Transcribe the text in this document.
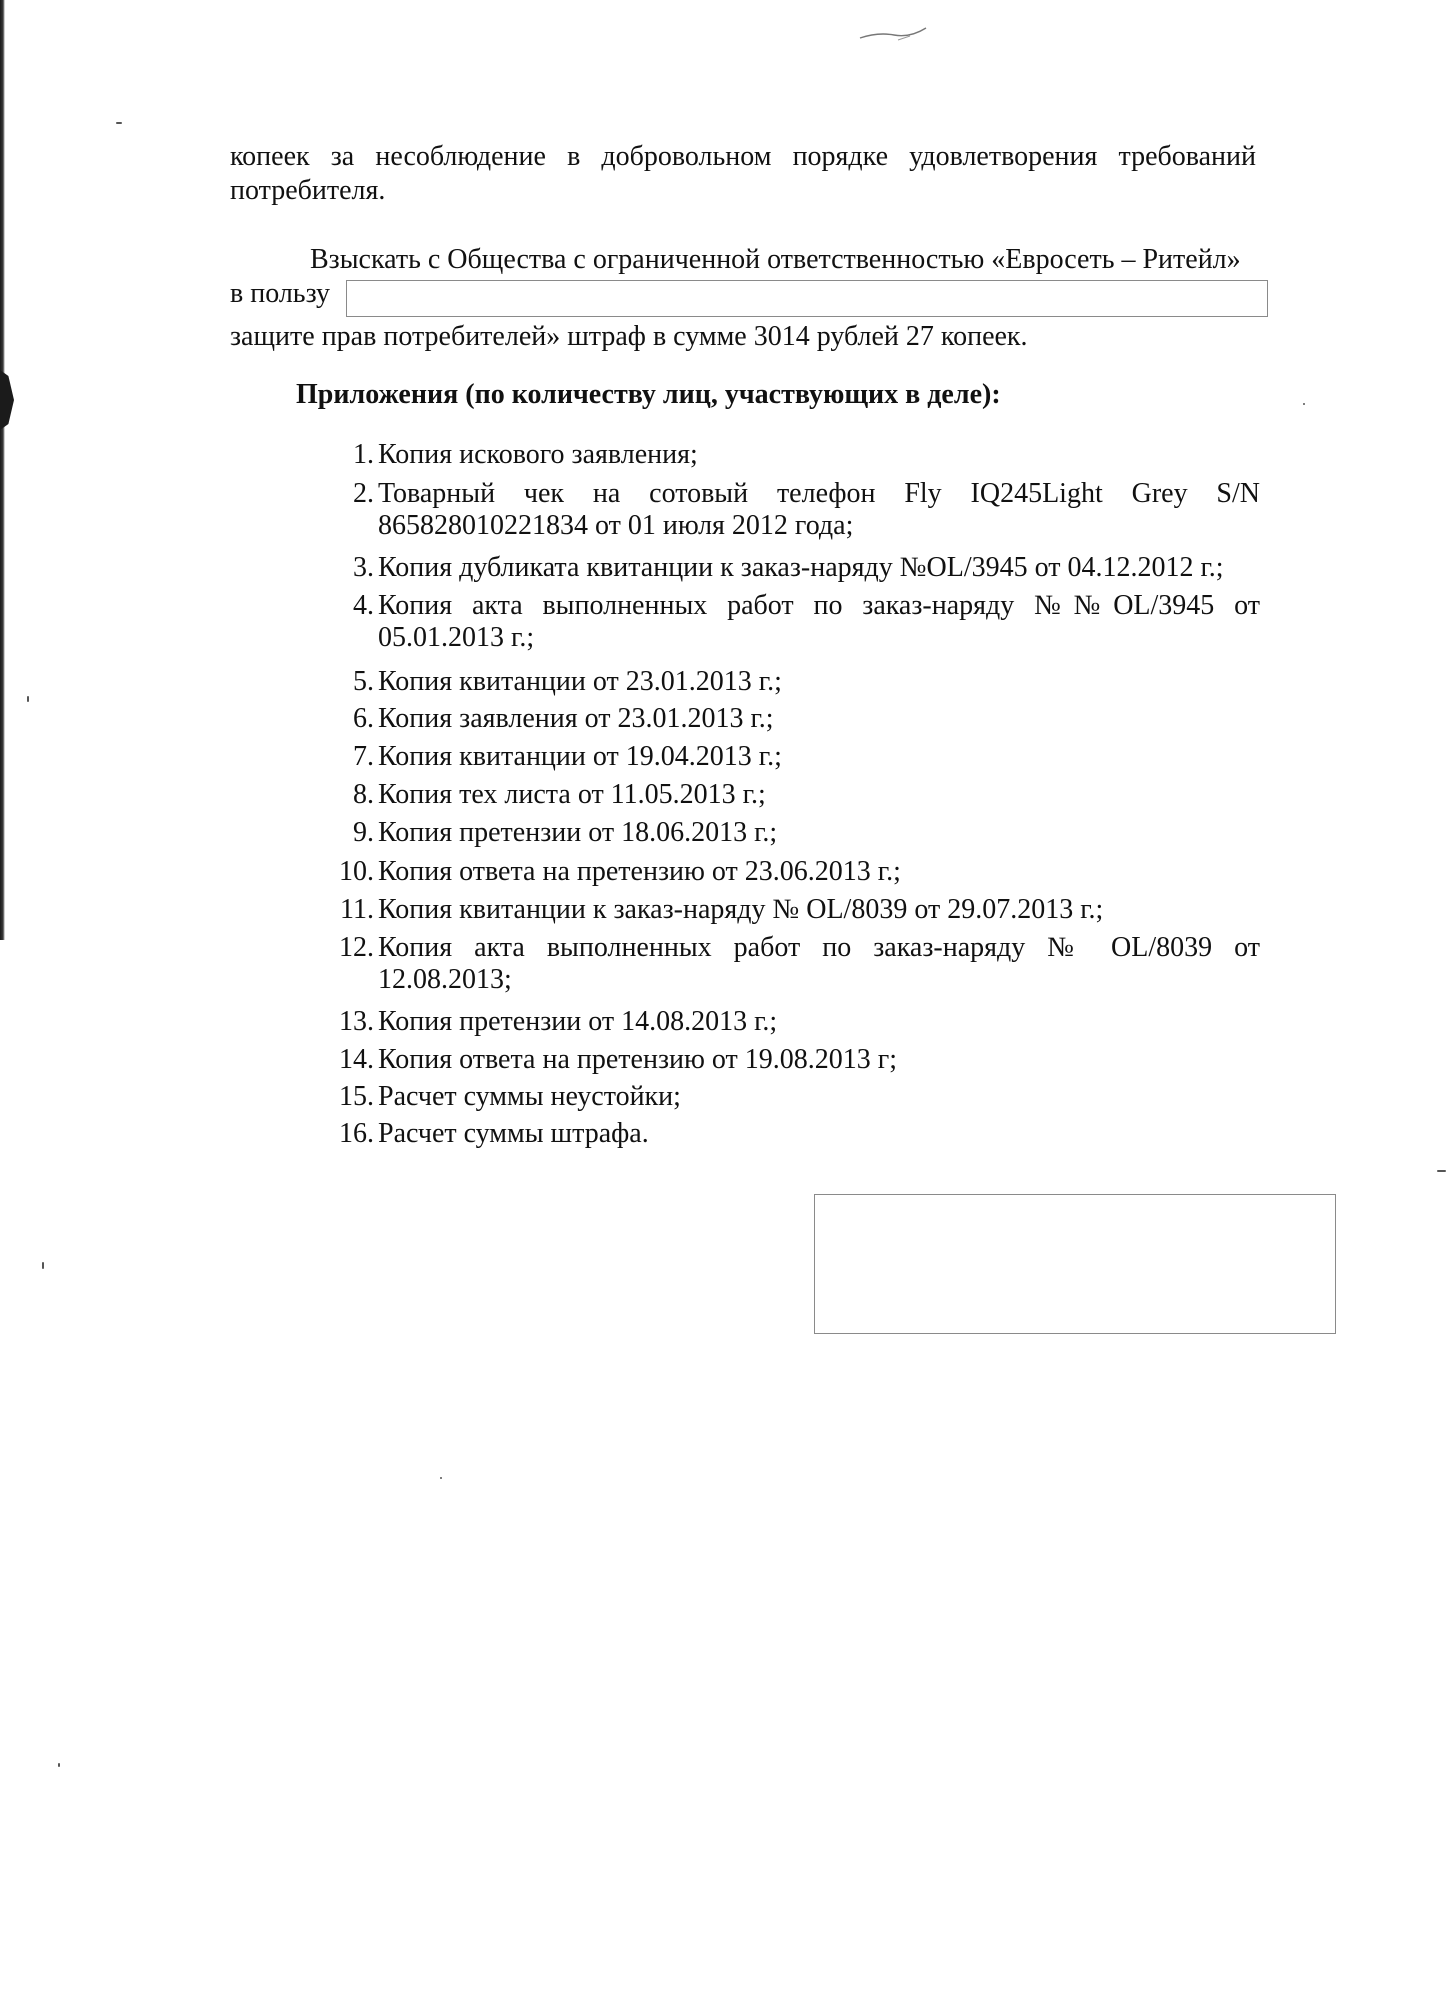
копеек за несоблюдение в добровольном порядке удовлетворения требований
потребителя.
Взыскать с Общества с ограниченной ответственностью «Евросеть – Ритейл»
в пользу
защите прав потребителей» штраф в сумме 3014 рублей 27 копеек.
Приложения (по количеству лиц, участвующих в деле):
1. Копия искового заявления;
2. Товарный чек на сотовый телефон Fly IQ245Light Grey S/N
865828010221834 от 01 июля 2012 года;
3. Копия дубликата квитанции к заказ-наряду №OL/3945 от 04.12.2012 г.;
4. Копия акта выполненных работ по заказ-наряду №№OL/3945 от
05.01.2013 г.;
5. Копия квитанции от 23.01.2013 г.;
6. Копия заявления от 23.01.2013 г.;
7. Копия квитанции от 19.04.2013 г.;
8. Копия тех листа от 11.05.2013 г.;
9. Копия претензии от 18.06.2013 г.;
10. Копия ответа на претензию от 23.06.2013 г.;
11. Копия квитанции к заказ-наряду № OL/8039 от 29.07.2013 г.;
12. Копия акта выполненных работ по заказ-наряду № OL/8039 от
12.08.2013;
13. Копия претензии от 14.08.2013 г.;
14. Копия ответа на претензию от 19.08.2013 г;
15. Расчет суммы неустойки;
16. Расчет суммы штрафа.
